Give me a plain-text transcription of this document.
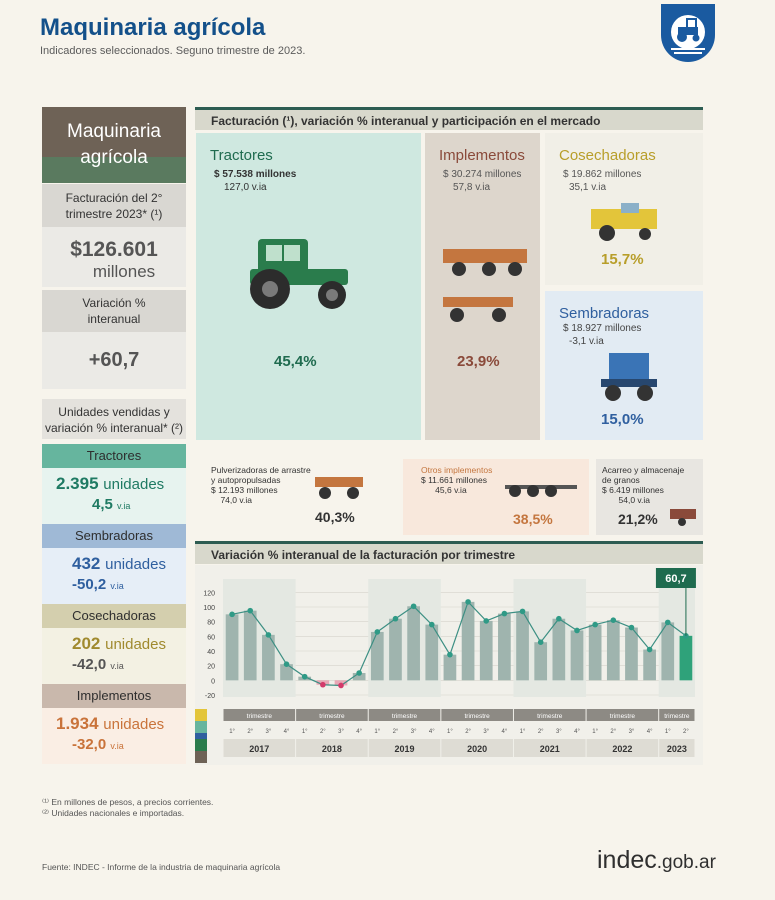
Maquinaria agrícola
Indicadores seleccionados. Seguno trimestre de 2023.
Maquinaria
agrícola
Facturación del 2°
trimestre 2023* (¹)
$126.601
millones
Variación %
interanual
+60,7
Unidades vendidas y
variación % interanual* (²)
Tractores
2.395 unidades
4,5 v.ia
Sembradoras
432 unidades
-50,2 v.ia
Cosechadoras
202 unidades
-42,0 v.ia
Implementos
1.934 unidades
-32,0 v.ia
Facturación (¹), variación % interanual y participación en el mercado
Tractores
$ 57.538 millones
127,0 v.ia
45,4%
Implementos
$ 30.274 millones
57,8 v.ia
23,9%
Cosechadoras
$ 19.862 millones
35,1 v.ia
15,7%
Sembradoras
$ 18.927 millones
-3,1 v.ia
15,0%
Pulverizadoras de arrastre
y autopropulsadas
$ 12.193 millones
74,0 v.ia
40,3%
Otros implementos
$ 11.661 millones
45,6 v.ia
38,5%
Acarreo y almacenaje
de granos
$ 6.419 millones
54,0 v.ia
21,2%
Variación % interanual de la facturación por trimestre
120
100
80
60
40
20
0
-20
60,7
trimestre
1° 2° 3° 4°
2017
trimestre
1° 2° 3° 4°
2018
trimestre
1° 2° 3° 4°
2019
trimestre
1° 2° 3° 4°
2020
trimestre
1° 2° 3° 4°
2021
trimestre
1° 2° 3° 4°
2022
trimestre
1° 2°
2023
⁽¹⁾ En millones de pesos, a precios corrientes.
⁽²⁾ Unidades nacionales e importadas.
Fuente: INDEC - Informe de la industria de maquinaria agrícola	indec.gob.ar
